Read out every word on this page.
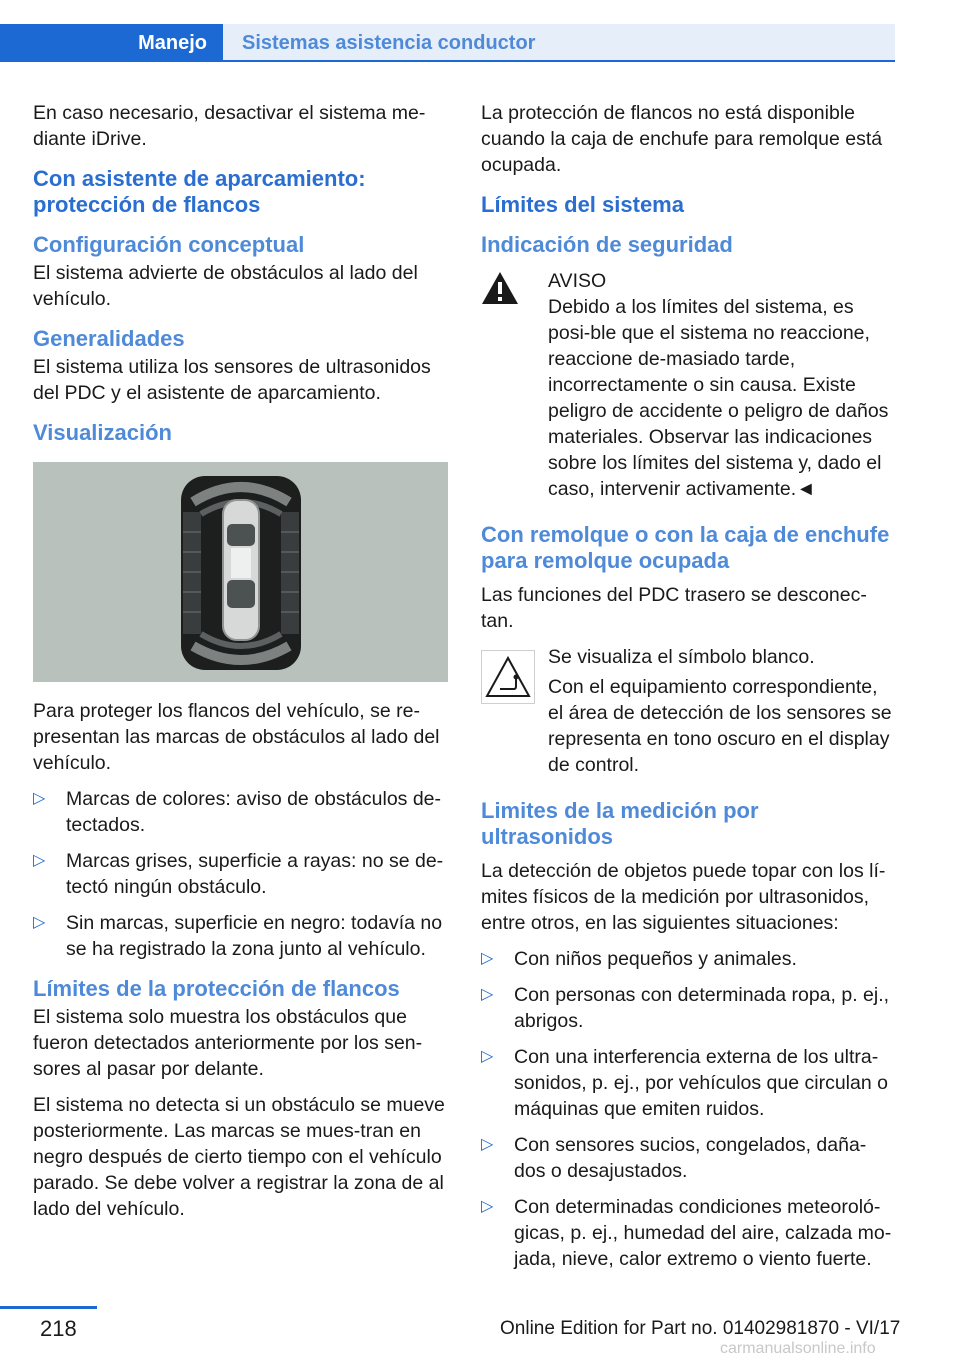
Manejo	Sistemas asistencia conductor

En caso necesario, desactivar el sistema me-diante iDrive.

Con asistente de aparcamiento: protección de flancos
Configuración conceptual

El sistema advierte de obstáculos al lado del vehículo.

Generalidades

El sistema utiliza los sensores de ultrasonidos del PDC y el asistente de aparcamiento.

Visualización

Para proteger los flancos del vehículo, se re-presentan las marcas de obstáculos al lado del vehículo.

▷ Marcas de colores: aviso de obstáculos de-tectados.
▷ Marcas grises, superficie a rayas: no se de-tectó ningún obstáculo.
▷ Sin marcas, superficie en negro: todavía no se ha registrado la zona junto al vehículo.
Límites de la protección de flancos

El sistema solo muestra los obstáculos que fueron detectados anteriormente por los sen-sores al pasar por delante.

El sistema no detecta si un obstáculo se mueve posteriormente. Las marcas se mues-tran en negro después de cierto tiempo con el vehículo parado. Se debe volver a registrar la zona de al lado del vehículo.

La protección de flancos no está disponible cuando la caja de enchufe para remolque está ocupada.

Límites del sistema
Indicación de seguridad
AVISO

Debido a los límites del sistema, es posi-ble que el sistema no reaccione, reaccione de-masiado tarde, incorrectamente o sin causa. Existe peligro de accidente o peligro de daños materiales. Observar las indicaciones sobre los límites del sistema y, dado el caso, intervenir activamente.◄

Con remolque o con la caja de enchufe para remolque ocupada

Las funciones del PDC trasero se desconec-tan.

Se visualiza el símbolo blanco.

Con el equipamiento correspondiente, el área de detección de los sensores se representa en tono oscuro en el display de control.

Limites de la medición por ultrasonidos

La detección de objetos puede topar con los lí-mites físicos de la medición por ultrasonidos, entre otros, en las siguientes situaciones:

▷ Con niños pequeños y animales.
▷ Con personas con determinada ropa, p. ej., abrigos.
▷ Con una interferencia externa de los ultra-sonidos, p. ej., por vehículos que circulan o máquinas que emiten ruidos.
▷ Con sensores sucios, congelados, daña-dos o desajustados.
▷ Con determinadas condiciones meteoroló-gicas, p. ej., humedad del aire, calzada mo-jada, nieve, calor extremo o viento fuerte.
218	Online Edition for Part no. 01402981870 - VI/17
carmanualsonline.info
